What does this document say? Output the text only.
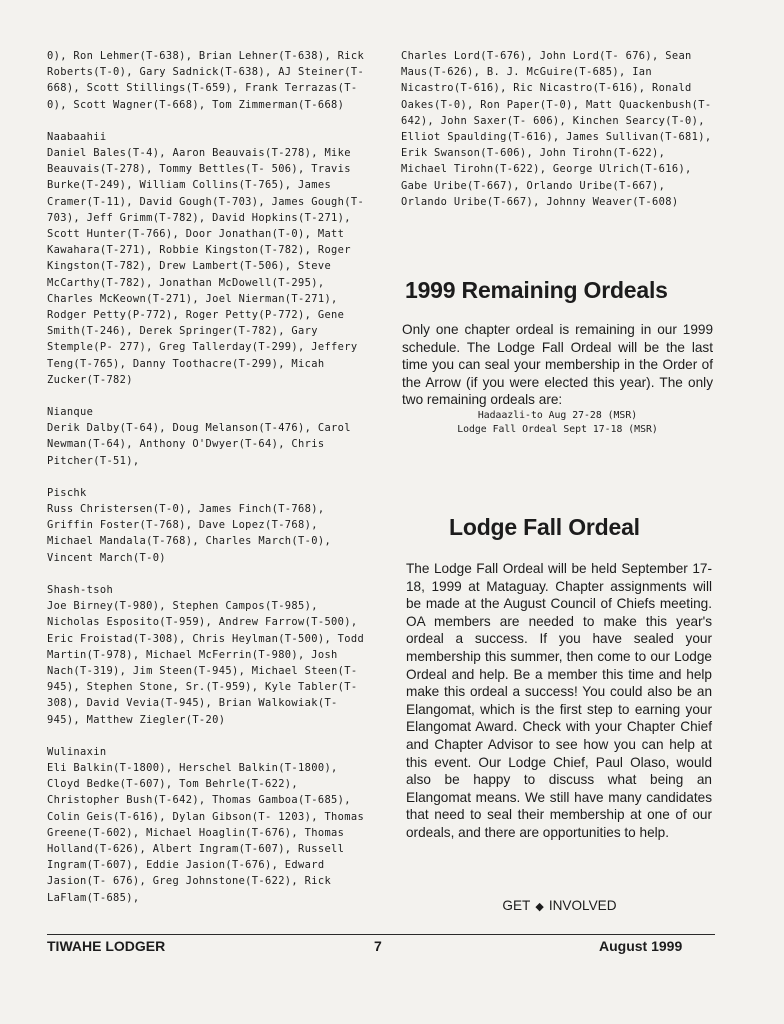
0), Ron Lehmer(T-638), Brian Lehner(T-638), Rick Roberts(T-0), Gary Sadnick(T-638), AJ Steiner(T-668), Scott Stillings(T-659), Frank Terrazas(T-0), Scott Wagner(T-668), Tom Zimmerman(T-668)

Naabaahii

Daniel Bales(T-4), Aaron Beauvais(T-278), Mike Beauvais(T-278), Tommy Bettles(T- 506), Travis Burke(T-249), William Collins(T-765), James Cramer(T-11), David Gough(T-703), James Gough(T-703), Jeff Grimm(T-782), David Hopkins(T-271), Scott Hunter(T-766), Door Jonathan(T-0), Matt Kawahara(T-271), Robbie Kingston(T-782), Roger Kingston(T-782), Drew Lambert(T-506), Steve McCarthy(T-782), Jonathan McDowell(T-295), Charles McKeown(T-271), Joel Nierman(T-271), Rodger Petty(P-772), Roger Petty(P-772), Gene Smith(T-246), Derek Springer(T-782), Gary Stemple(P- 277), Greg Tallerday(T-299), Jeffery Teng(T-765), Danny Toothacre(T-299), Micah Zucker(T-782)

Nianque

Derik Dalby(T-64), Doug Melanson(T-476), Carol Newman(T-64), Anthony O'Dwyer(T-64), Chris Pitcher(T-51),

Pischk

Russ Christersen(T-0), James Finch(T-768), Griffin Foster(T-768), Dave Lopez(T-768), Michael Mandala(T-768), Charles March(T-0), Vincent March(T-0)

Shash-tsoh

Joe Birney(T-980), Stephen Campos(T-985), Nicholas Esposito(T-959), Andrew Farrow(T-500), Eric Froistad(T-308), Chris Heylman(T-500), Todd Martin(T-978), Michael McFerrin(T-980), Josh Nach(T-319), Jim Steen(T-945), Michael Steen(T-945), Stephen Stone, Sr.(T-959), Kyle Tabler(T-308), David Vevia(T-945), Brian Walkowiak(T-945), Matthew Ziegler(T-20)

Wulinaxin

Eli Balkin(T-1800), Herschel Balkin(T-1800), Cloyd Bedke(T-607), Tom Behrle(T-622), Christopher Bush(T-642), Thomas Gamboa(T-685), Colin Geis(T-616), Dylan Gibson(T- 1203), Thomas Greene(T-602), Michael Hoaglin(T-676), Thomas Holland(T-626), Albert Ingram(T-607), Russell Ingram(T-607), Eddie Jasion(T-676), Edward Jasion(T- 676), Greg Johnstone(T-622), Rick LaFlam(T-685),

Charles Lord(T-676), John Lord(T- 676), Sean Maus(T-626), B. J. McGuire(T-685), Ian Nicastro(T-616), Ric Nicastro(T-616), Ronald Oakes(T-0), Ron Paper(T-0), Matt Quackenbush(T-642), John Saxer(T- 606), Kinchen Searcy(T-0), Elliot Spaulding(T-616), James Sullivan(T-681), Erik Swanson(T-606), John Tirohn(T-622), Michael Tirohn(T-622), George Ulrich(T-616), Gabe Uribe(T-667), Orlando Uribe(T-667), Orlando Uribe(T-667), Johnny Weaver(T-608)

1999 Remaining Ordeals

Only one chapter ordeal is remaining in our 1999 schedule. The Lodge Fall Ordeal will be the last time you can seal your membership in the Order of the Arrow (if you were elected this year). The only two remaining ordeals are:

Hadaazli-to Aug 27-28 (MSR)
Lodge Fall Ordeal Sept 17-18 (MSR)
Lodge Fall Ordeal

The Lodge Fall Ordeal will be held September 17-18, 1999 at Mataguay. Chapter assignments will be made at the August Council of Chiefs meeting. OA members are needed to make this year's ordeal a success. If you have sealed your membership this summer, then come to our Lodge Ordeal and help. Be a member this time and help make this ordeal a success! You could also be an Elangomat, which is the first step to earning your Elangomat Award. Check with your Chapter Chief and Chapter Advisor to see how you can help at this event. Our Lodge Chief, Paul Olaso, would also be happy to discuss what being an Elangomat means. We still have many candidates that need to seal their membership at one of our ordeals, and there are opportunities to help.

GET ◆ INVOLVED
TIWAHE LODGER	7	August 1999
